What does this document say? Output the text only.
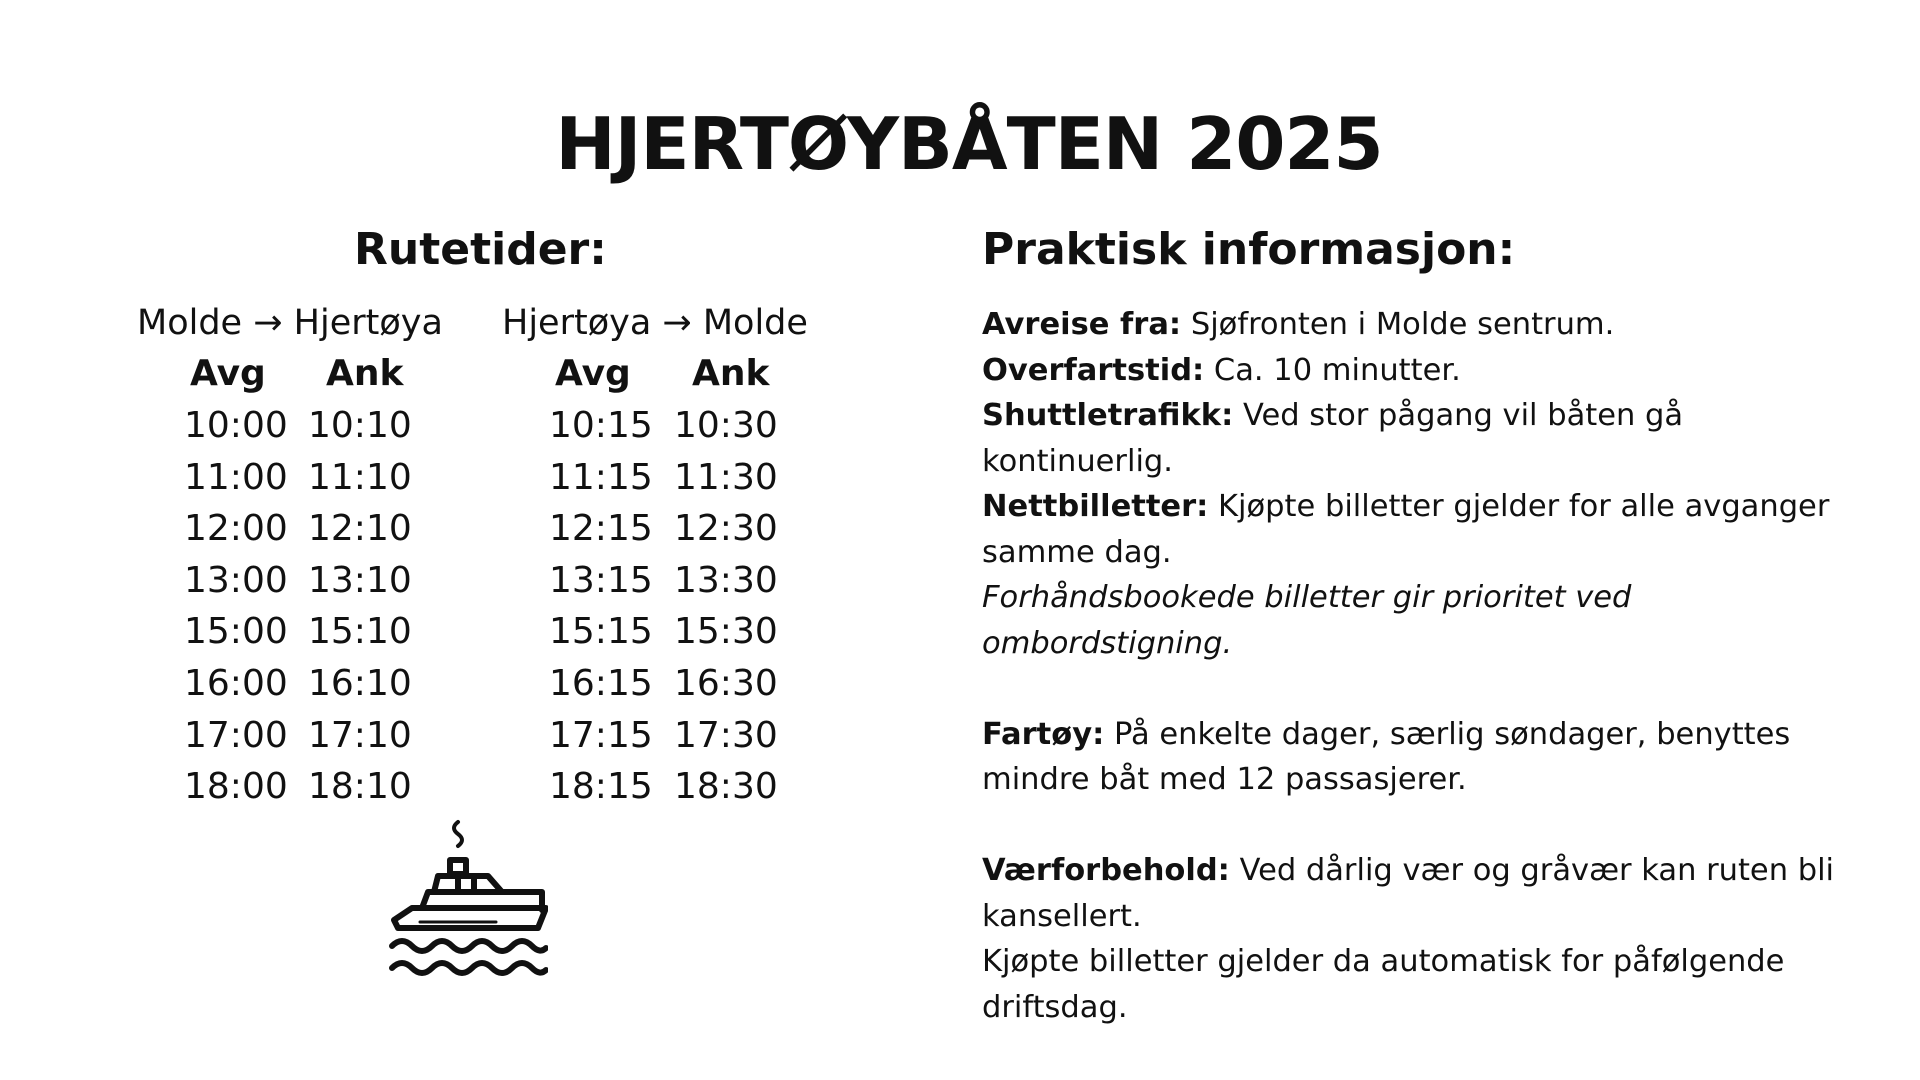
HJERTØYBÅTEN 2025
Rutetider:	Praktisk informasjon:
Molde → Hjertøya Hjertøya → Molde
Avg Ank
10:00
11:00
12:00
13:00
15:00
16:00
17:00
18:00
10:10
11:10
12:10
13:10
15:10
16:10
17:10
18:10
Avg Ank
10:15
11:15
12:15
13:15
15:15
16:15
17:15
18:15
10:30
11:30
12:30
13:30
15:30
16:30
17:30
18:30

Avreise fra: Sjøfronten i Molde sentrum.

Overfartstid: Ca. 10 minutter.

Shuttletrafikk: Ved stor pågang vil båten gå kontinuerlig.

Nettbilletter: Kjøpte billetter gjelder for alle avganger samme dag.

Forhåndsbookede billetter gir prioritet ved ombordstigning.

Fartøy: På enkelte dager, særlig søndager, benyttes mindre båt med 12 passasjerer.

Værforbehold: Ved dårlig vær og gråvær kan ruten bli kansellert.

Kjøpte billetter gjelder da automatisk for påfølgende driftsdag.
